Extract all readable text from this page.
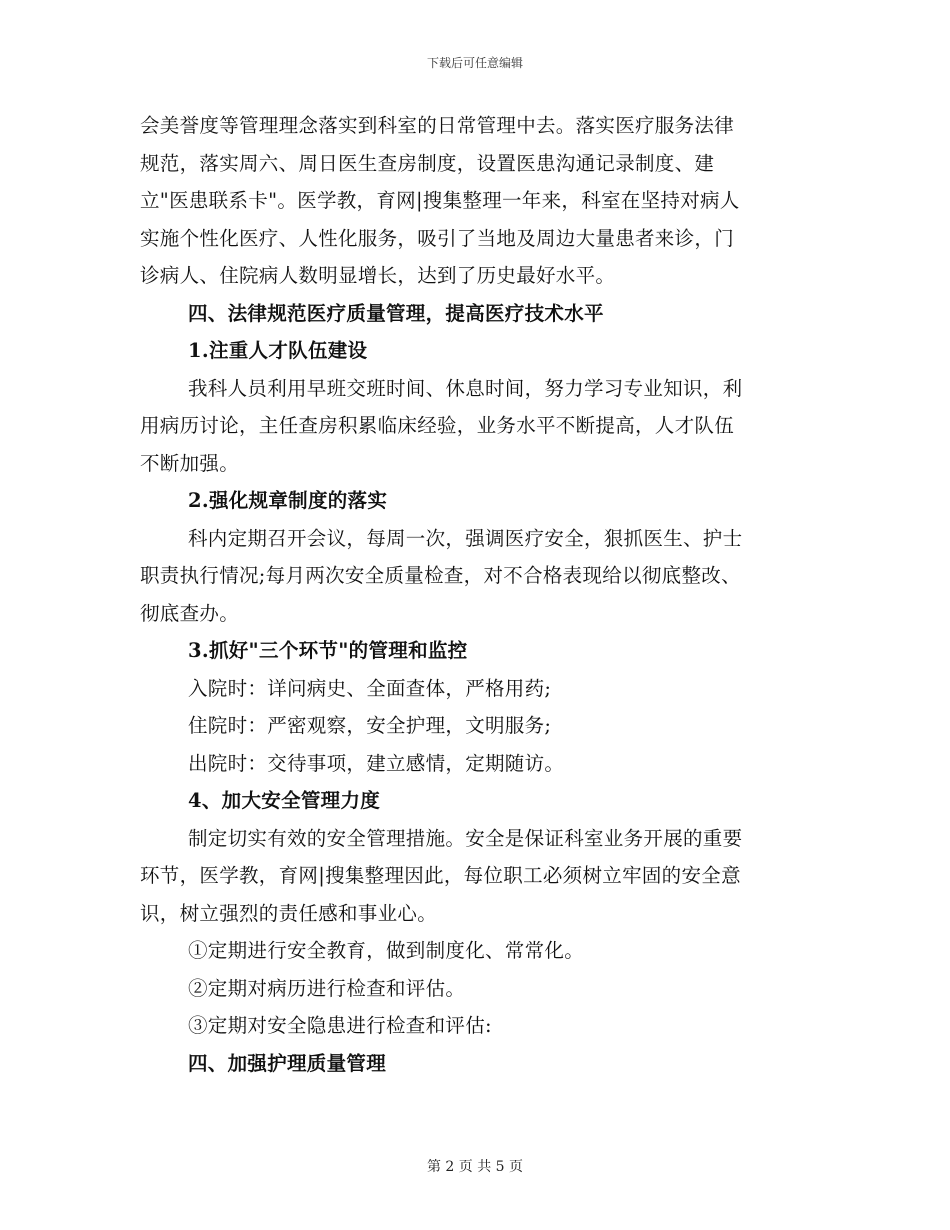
下载后可任意编辑
会美誉度等管理理念落实到科室的日常管理中去。落实医疗服务法律
规范，落实周六、周日医生查房制度，设置医患沟通记录制度、建
立"医患联系卡"。医学教，育网|搜集整理一年来，科室在坚持对病人
实施个性化医疗、人性化服务，吸引了当地及周边大量患者来诊，门
诊病人、住院病人数明显增长，达到了历史最好水平。
四、法律规范医疗质量管理，提高医疗技术水平
1.注重人才队伍建设
我科人员利用早班交班时间、休息时间，努力学习专业知识，利
用病历讨论，主任查房积累临床经验，业务水平不断提高，人才队伍
不断加强。
2.强化规章制度的落实
科内定期召开会议，每周一次，强调医疗安全，狠抓医生、护士
职责执行情况;每月两次安全质量检查，对不合格表现给以彻底整改、
彻底查办。
3.抓好"三个环节"的管理和监控
入院时：详问病史、全面查体，严格用药;
住院时：严密观察，安全护理，文明服务;
出院时：交待事项，建立感情，定期随访。
4、加大安全管理力度
制定切实有效的安全管理措施。安全是保证科室业务开展的重要
环节，医学教，育网|搜集整理因此，每位职工必须树立牢固的安全意
识，树立强烈的责任感和事业心。
①定期进行安全教育，做到制度化、常常化。
②定期对病历进行检查和评估。
③定期对安全隐患进行检查和评估:
四、加强护理质量管理
第 2 页 共 5 页
